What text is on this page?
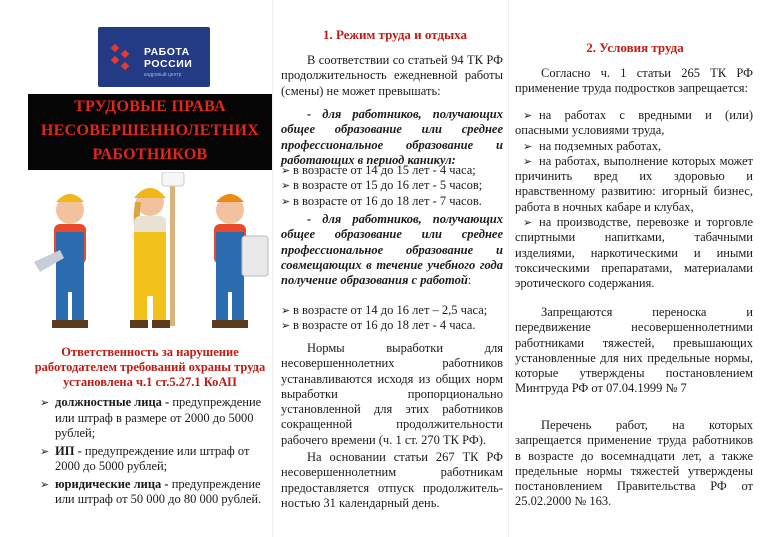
РАБОТА
РОССИИ
кадровый центр
ТРУДОВЫЕ ПРАВА
НЕСОВЕРШЕННОЛЕТНИХ
РАБОТНИКОВ
Ответственность за нарушение работодателем требований охраны труда установлена ч.1 ст.5.27.1 КоАП
➢ должностные лица - предупреждение или штраф в размере от 2000 до 5000 рублей;
➢ ИП - предупреждение или штраф от 2000 до 5000 рублей;
➢ юридические лица - предупреждение или штраф от 50 000 до 80 000 рублей.
1. Режим труда и отдыха
В соответствии со статьей 94 ТК РФ продолжительность ежедневной работы (смены) не может превышать:
- для работников, получающих общее образование или среднее профессиональное образование и работающих в период каникул:
➢ в возрасте от 14 до 15 лет - 4 часа;
➢ в возрасте от 15 до 16 лет - 5 часов;
➢ в возрасте от 16 до 18 лет - 7 часов.
- для работников, получающих общее образование или среднее профессиональное образование и совмещающих в течение учебного года получение образования с работой:
➢ в возрасте от 14 до 16 лет – 2,5 часа;
➢ в возрасте от 16 до 18 лет - 4 часа.
Нормы выработки для несовершеннолетних работников устанавливаются исходя из общих норм выработки пропорционально установленной для этих работников сокращенной продолжительности рабочего времени (ч. 1 ст. 270 ТК РФ).
На основании статьи 267 ТК РФ несовершеннолетним работникам предоставляется отпуск продолжитель-ностью 31 календарный день.
2. Условия труда
Согласно ч. 1 статьи 265 ТК РФ применение труда подростков запрещается:
➢ на работах с вредными и (или) опасными условиями труда,
➢ на подземных работах,
➢ на работах, выполнение которых может причинить вред их здоровью и нравственному развитию: игорный бизнес, работа в ночных кабаре и клубах,
➢ на производстве, перевозке и торговле спиртными напитками, табачными изделиями, наркотическими и иными токсическими препаратами, материалами эротического содержания.
Запрещаются переноска и передвижение несовершеннолетними работниками тяжестей, превышающих установленные для них предельные нормы, которые утверждены постановлением Минтруда РФ от 07.04.1999 № 7
Перечень работ, на которых запрещается применение труда работников в возрасте до восемнадцати лет, а также предельные нормы тяжестей утверждены постановлением Правительства РФ от 25.02.2000 № 163.
